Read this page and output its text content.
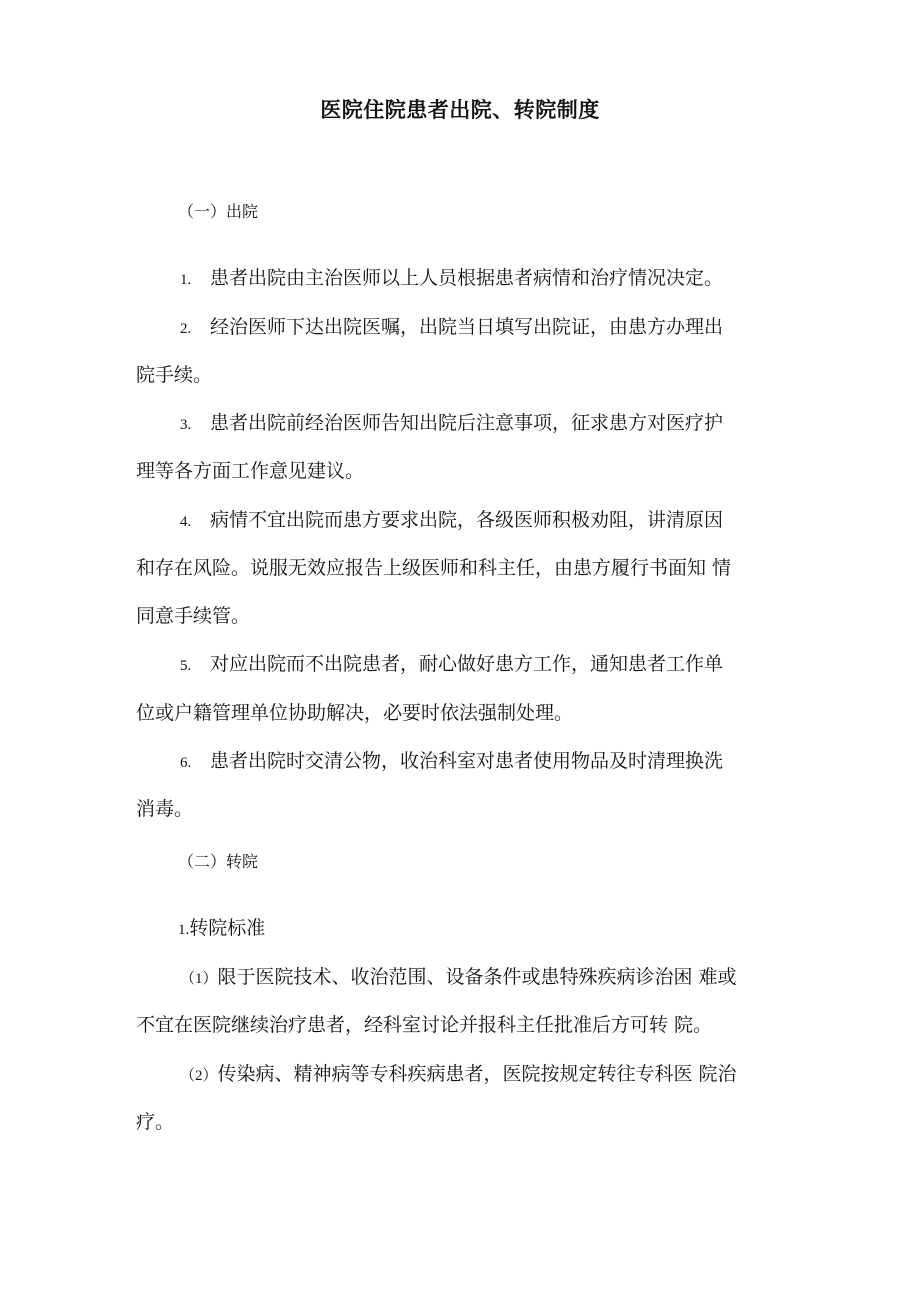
医院住院患者出院、转院制度
（一）出院
1. 患者出院由主治医师以上人员根据患者病情和治疗情况决定。
2. 经治医师下达出院医嘱，出院当日填写出院证，由患方办理出
院手续。
3. 患者出院前经治医师告知出院后注意事项，征求患方对医疗护
理等各方面工作意见建议。
4. 病情不宜出院而患方要求出院，各级医师积极劝阻，讲清原因
和存在风险。说服无效应报告上级医师和科主任，由患方履行书面知 情
同意手续管。
5. 对应出院而不出院患者，耐心做好患方工作，通知患者工作单
位或户籍管理单位协助解决，必要时依法强制处理。
6. 患者出院时交清公物，收治科室对患者使用物品及时清理换洗
消毒。
（二）转院
1.转院标准
（1）限于医院技术、收治范围、设备条件或患特殊疾病诊治困 难或
不宜在医院继续治疗患者，经科室讨论并报科主任批准后方可转 院。
（2）传染病、精神病等专科疾病患者，医院按规定转往专科医 院治
疗。
